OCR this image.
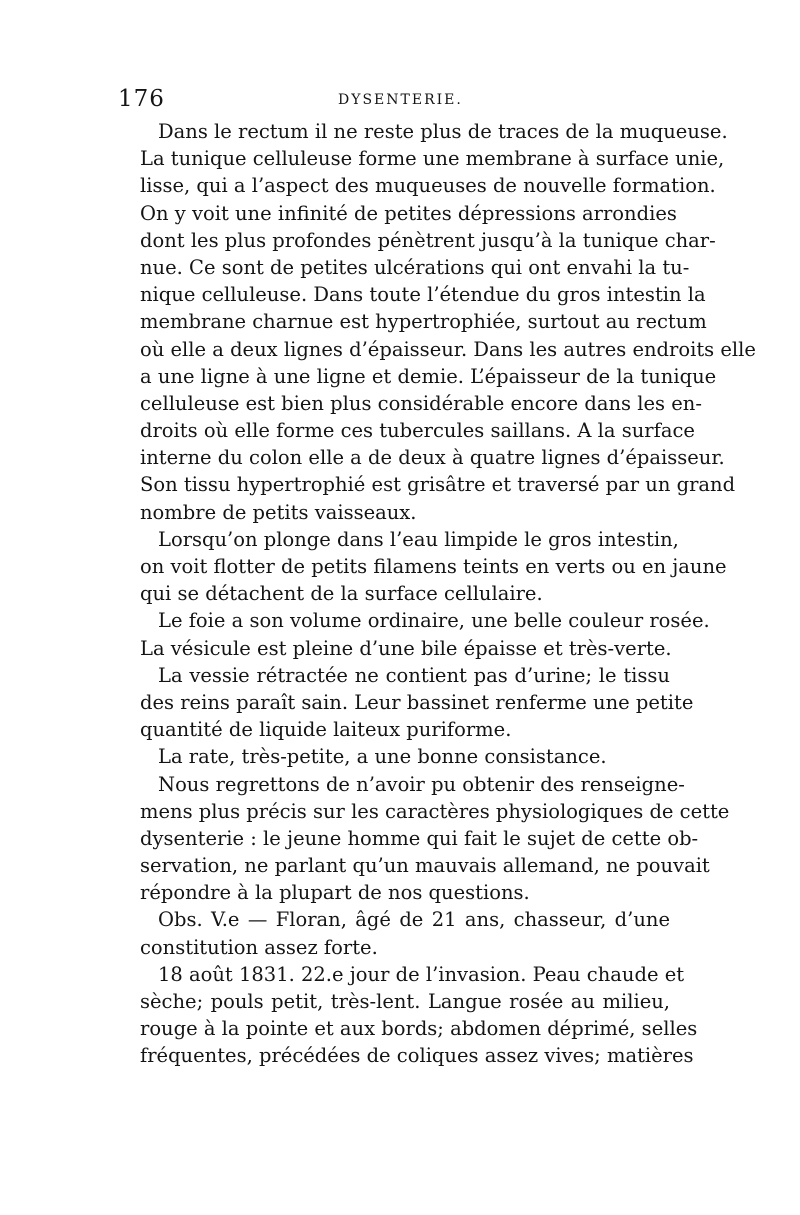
176	DYSENTERIE.
Dans le rectum il ne reste plus de traces de la muqueuse.
La tunique celluleuse forme une membrane à surface unie,
lisse, qui a l’aspect des muqueuses de nouvelle formation.
On y voit une infinité de petites dépressions arrondies
dont les plus profondes pénètrent jusqu’à la tunique char-
nue. Ce sont de petites ulcérations qui ont envahi la tu-
nique celluleuse. Dans toute l’étendue du gros intestin la
membrane charnue est hypertrophiée, surtout au rectum
où elle a deux lignes d’épaisseur. Dans les autres endroits elle
a une ligne à une ligne et demie. L’épaisseur de la tunique
celluleuse est bien plus considérable encore dans les en-
droits où elle forme ces tubercules saillans. A la surface
interne du colon elle a de deux à quatre lignes d’épaisseur.
Son tissu hypertrophié est grisâtre et traversé par un grand
nombre de petits vaisseaux.
Lorsqu’on plonge dans l’eau limpide le gros intestin,
on voit flotter de petits filamens teints en verts ou en jaune
qui se détachent de la surface cellulaire.
Le foie a son volume ordinaire, une belle couleur rosée.
La vésicule est pleine d’une bile épaisse et très-verte.
La vessie rétractée ne contient pas d’urine; le tissu
des reins paraît sain. Leur bassinet renferme une petite
quantité de liquide laiteux puriforme.
La rate, très-petite, a une bonne consistance.
Nous regrettons de n’avoir pu obtenir des renseigne-
mens plus précis sur les caractères physiologiques de cette
dysenterie : le jeune homme qui fait le sujet de cette ob-
servation, ne parlant qu’un mauvais allemand, ne pouvait
répondre à la plupart de nos questions.
Obs. V.e — Floran, âgé de 21 ans, chasseur, d’une
constitution assez forte.
18 août 1831. 22.e jour de l’invasion. Peau chaude et
sèche; pouls petit, très-lent. Langue rosée au milieu,
rouge à la pointe et aux bords; abdomen déprimé, selles
fréquentes, précédées de coliques assez vives; matières
